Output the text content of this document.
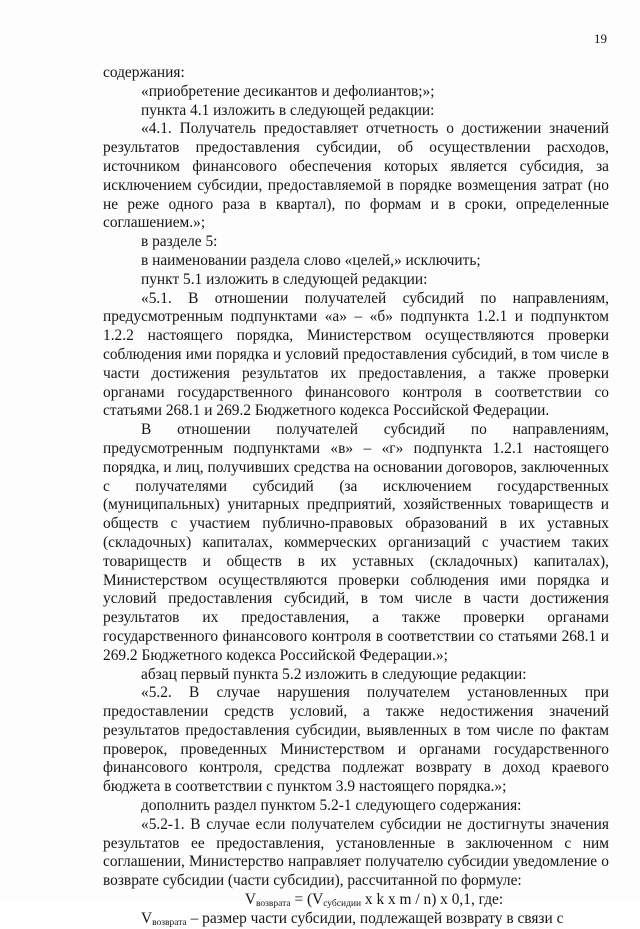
19

содержания:

«приобретение десикантов и дефолиантов;»;

пункта 4.1 изложить в следующей редакции:

«4.1. Получатель предоставляет отчетность о достижении значений результатов предоставления субсидии, об осуществлении расходов, источником финансового обеспечения которых является субсидия, за исключением субсидии, предоставляемой в порядке возмещения затрат (но не реже одного раза в квартал), по формам и в сроки, определенные соглашением.»;

в разделе 5:

в наименовании раздела слово «целей,» исключить;

пункт 5.1 изложить в следующей редакции:

«5.1. В отношении получателей субсидий по направлениям, предусмотренным подпунктами «а» – «б» подпункта 1.2.1 и подпунктом 1.2.2 настоящего порядка, Министерством осуществляются проверки соблюдения ими порядка и условий предоставления субсидий, в том числе в части достижения результатов их предоставления, а также проверки органами государственного финансового контроля в соответствии со статьями 268.1 и 269.2 Бюджетного кодекса Российской Федерации.

В отношении получателей субсидий по направлениям, предусмотренным подпунктами «в» – «г» подпункта 1.2.1 настоящего порядка, и лиц, получивших средства на основании договоров, заключенных с получателями субсидий (за исключением государственных (муниципальных) унитарных предприятий, хозяйственных товариществ и обществ с участием публично-правовых образований в их уставных (складочных) капиталах, коммерческих организаций с участием таких товариществ и обществ в их уставных (складочных) капиталах), Министерством осуществляются проверки соблюдения ими порядка и условий предоставления субсидий, в том числе в части достижения результатов их предоставления, а также проверки органами государственного финансового контроля в соответствии со статьями 268.1 и 269.2 Бюджетного кодекса Российской Федерации.»;

абзац первый пункта 5.2 изложить в следующие редакции:

«5.2. В случае нарушения получателем установленных при предоставлении средств условий, а также недостижения значений результатов предоставления субсидии, выявленных в том числе по фактам проверок, проведенных Министерством и органами государственного финансового контроля, средства подлежат возврату в доход краевого бюджета в соответствии с пунктом 3.9 настоящего порядка.»;

дополнить раздел пунктом 5.2-1 следующего содержания:

«5.2-1. В случае если получателем субсидии не достигнуты значения результатов ее предоставления, установленные в заключенном с ним соглашении, Министерство направляет получателю субсидии уведомление о возврате субсидии (части субсидии), рассчитанной по формуле:

$V_{возврата} = (V_{субсидии}$ x k x m / n) x 0,1, где:

$V_{возврата}$ – размер части субсидии, подлежащей возврату в связи с
